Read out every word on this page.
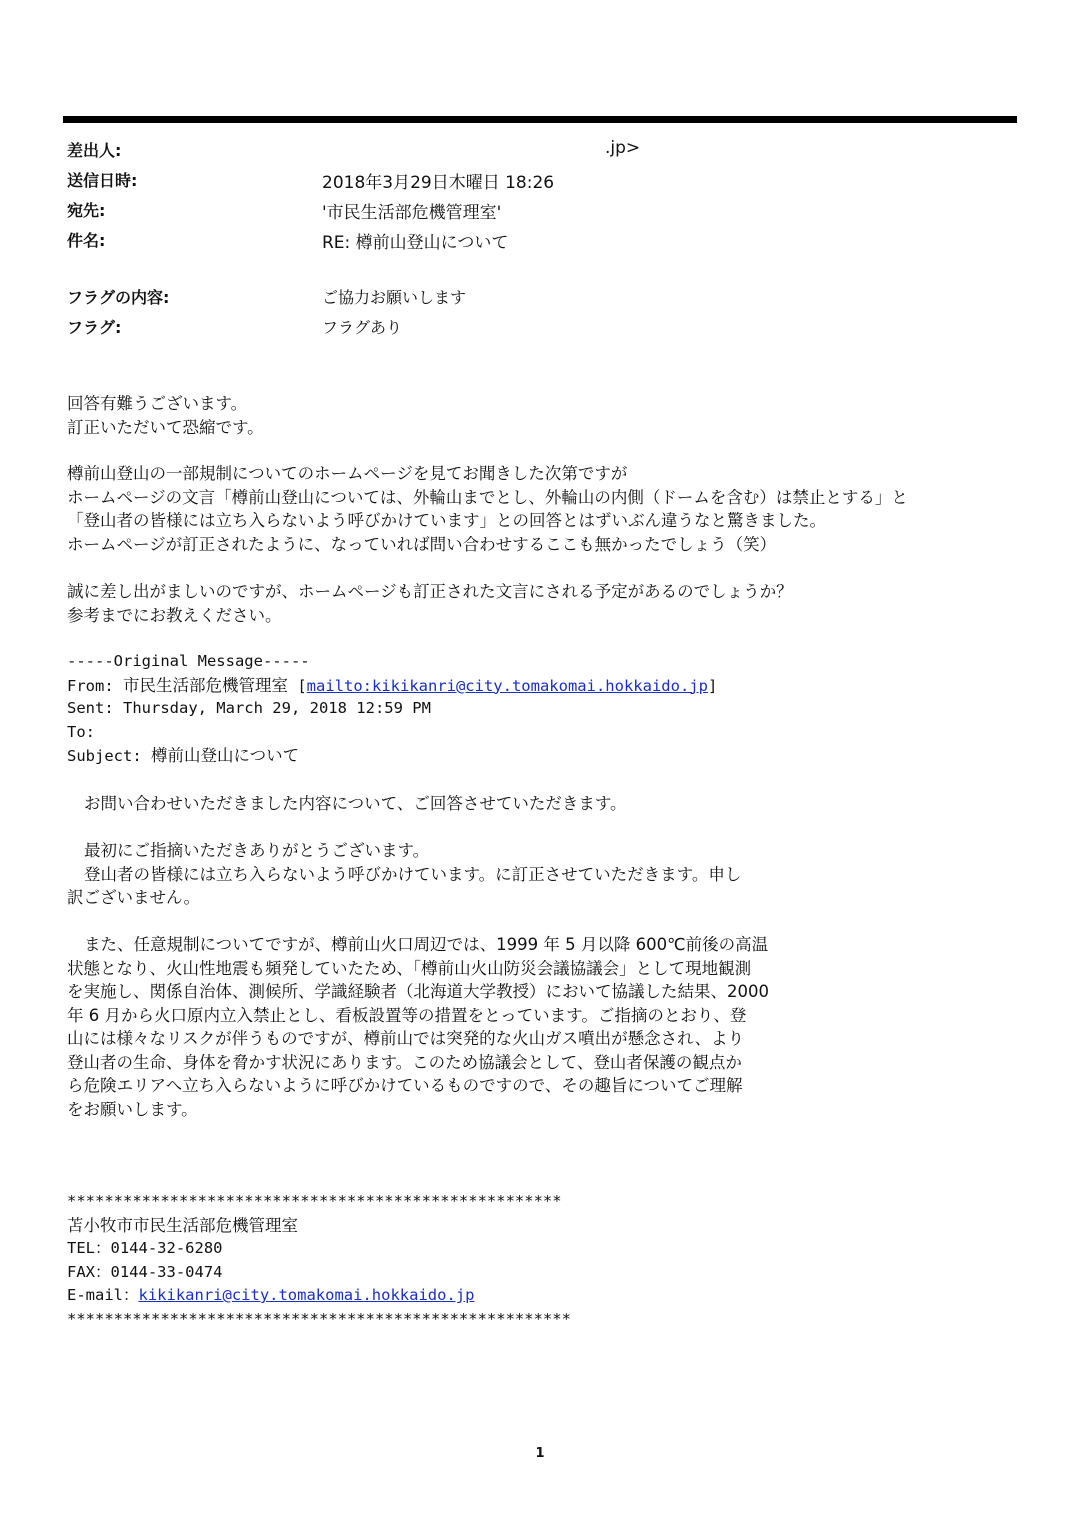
差出人:	.jp>
送信日時:	2018年3月29日木曜日 18:26
宛先:	'市民生活部危機管理室'
件名:	RE: 樽前山登山について
フラグの内容:	ご協力お願いします
フラグ:	フラグあり
回答有難うございます。
訂正いただいて恐縮です。
樽前山登山の一部規制についてのホームページを見てお聞きした次第ですが
ホームページの文言「樽前山登山については、外輪山までとし、外輪山の内側（ドームを含む）は禁止とする」と
「登山者の皆様には立ち入らないよう呼びかけています」との回答とはずいぶん違うなと驚きました。
ホームページが訂正されたように、なっていれば問い合わせするここも無かったでしょう（笑）
誠に差し出がましいのですが、ホームページも訂正された文言にされる予定があるのでしょうか？
参考までにお教えください。
-----Original Message-----
From: 市民生活部危機管理室 [mailto:kikikanri@city.tomakomai.hokkaido.jp]
Sent: Thursday, March 29, 2018 12:59 PM
To:
Subject: 樽前山登山について
お問い合わせいただきました内容について、ご回答させていただきます。
最初にご指摘いただきありがとうございます。
登山者の皆様には立ち入らないよう呼びかけています。に訂正させていただきます。申し
訳ございません。
また、任意規制についてですが、樽前山火口周辺では、1999 年 5 月以降 600℃前後の高温
状態となり、火山性地震も頻発していたため、「樽前山火山防災会議協議会」として現地観測
を実施し、関係自治体、測候所、学識経験者（北海道大学教授）において協議した結果、2000
年 6 月から火口原内立入禁止とし、看板設置等の措置をとっています。ご指摘のとおり、登
山には様々なリスクが伴うものですが、樽前山では突発的な火山ガス噴出が懸念され、より
登山者の生命、身体を脅かす状況にあります。このため協議会として、登山者保護の観点か
ら危険エリアへ立ち入らないように呼びかけているものですので、その趣旨についてご理解
をお願いします。
*****************************************************
苫小牧市市民生活部危機管理室
TEL：0144-32-6280
FAX：0144-33-0474
E-mail：kikikanri@city.tomakomai.hokkaido.jp
******************************************************
1
